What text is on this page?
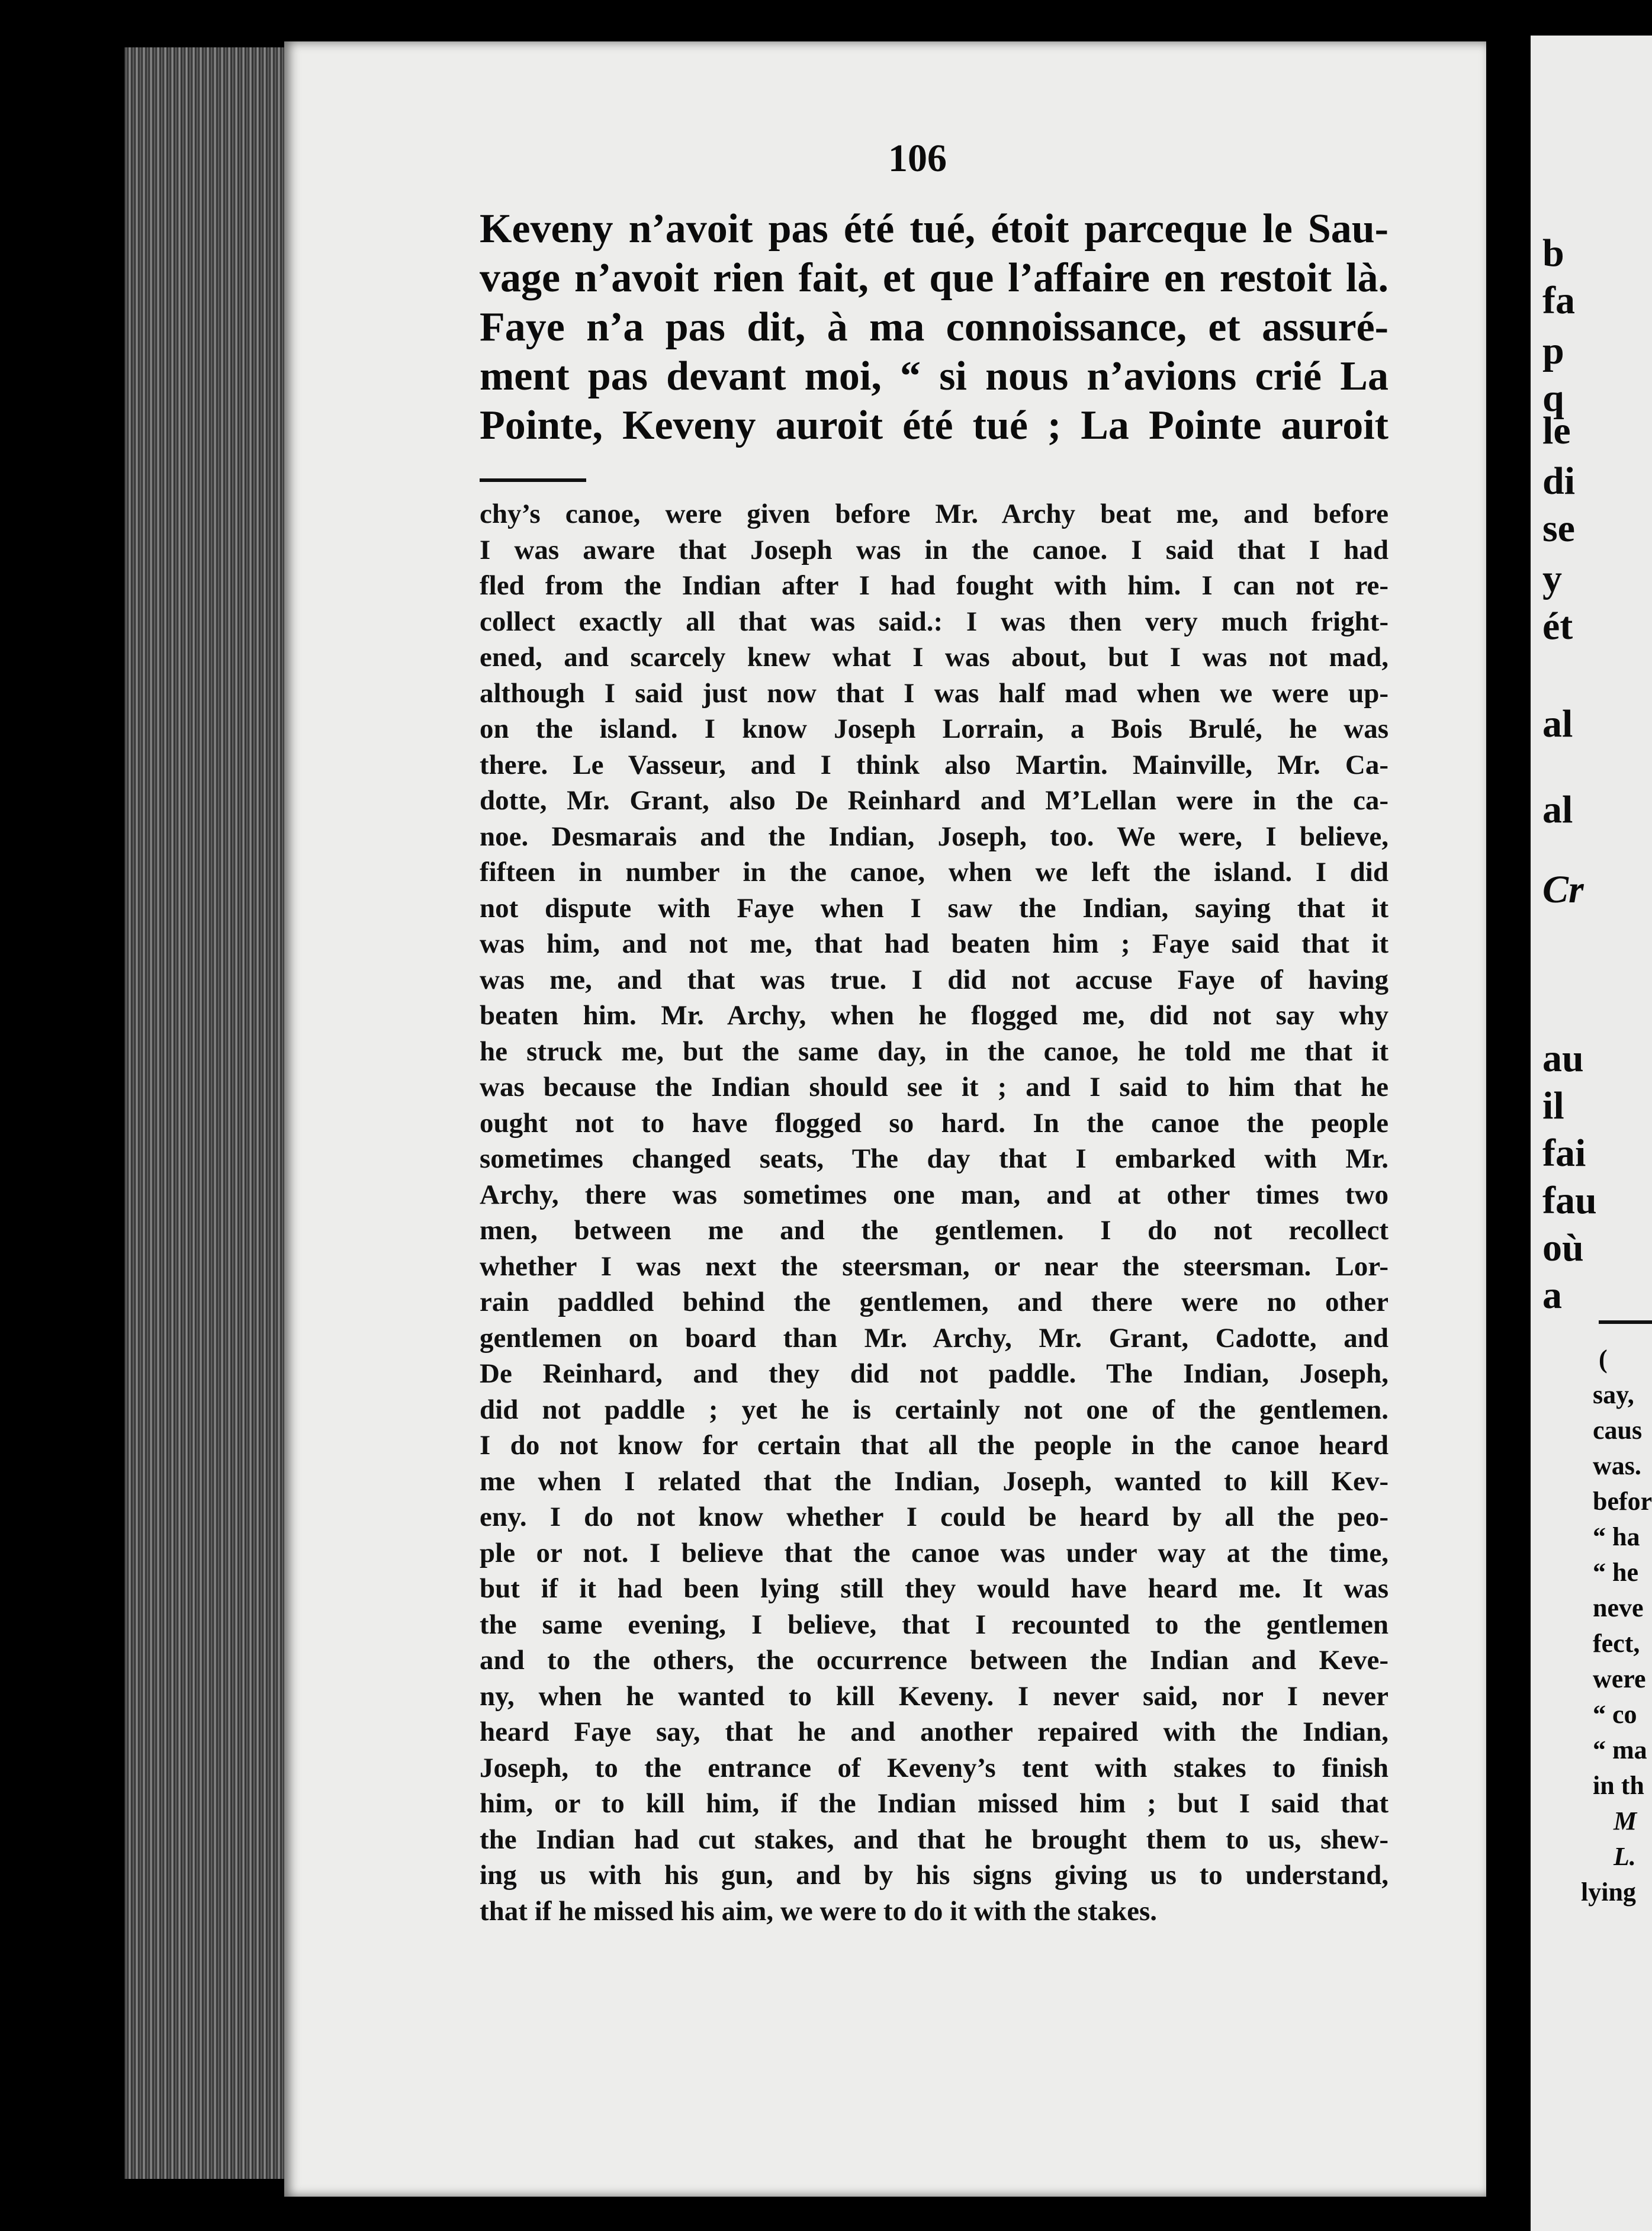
106
Keveny n’avoit pas été tué, étoit parceque le Sau-
vage n’avoit rien fait, et que l’affaire en restoit là.
Faye n’a pas dit, à ma connoissance, et assuré-
ment pas devant moi, “ si nous n’avions crié La
Pointe, Keveny auroit été tué ; La Pointe auroit
chy’s canoe, were given before Mr. Archy beat me, and before
I was aware that Joseph was in the canoe. I said that I had
fled from the Indian after I had fought with him. I can not re-
collect exactly all that was said.: I was then very much fright-
ened, and scarcely knew what I was about, but I was not mad,
although I said just now that I was half mad when we were up-
on the island. I know Joseph Lorrain, a Bois Brulé, he was
there. Le Vasseur, and I think also Martin. Mainville, Mr. Ca-
dotte, Mr. Grant, also De Reinhard and M’Lellan were in the ca-
noe. Desmarais and the Indian, Joseph, too. We were, I believe,
fifteen in number in the canoe, when we left the island. I did
not dispute with Faye when I saw the Indian, saying that it
was him, and not me, that had beaten him ; Faye said that it
was me, and that was true. I did not accuse Faye of having
beaten him. Mr. Archy, when he flogged me, did not say why
he struck me, but the same day, in the canoe, he told me that it
was because the Indian should see it ; and I said to him that he
ought not to have flogged so hard. In the canoe the people
sometimes changed seats, The day that I embarked with Mr.
Archy, there was sometimes one man, and at other times two
men, between me and the gentlemen. I do not recollect
whether I was next the steersman, or near the steersman. Lor-
rain paddled behind the gentlemen, and there were no other
gentlemen on board than Mr. Archy, Mr. Grant, Cadotte, and
De Reinhard, and they did not paddle. The Indian, Joseph,
did not paddle ; yet he is certainly not one of the gentlemen.
I do not know for certain that all the people in the canoe heard
me when I related that the Indian, Joseph, wanted to kill Kev-
eny. I do not know whether I could be heard by all the peo-
ple or not. I believe that the canoe was under way at the time,
but if it had been lying still they would have heard me. It was
the same evening, I believe, that I recounted to the gentlemen
and to the others, the occurrence between the Indian and Keve-
ny, when he wanted to kill Keveny. I never said, nor I never
heard Faye say, that he and another repaired with the Indian,
Joseph, to the entrance of Keveny’s tent with stakes to finish
him, or to kill him, if the Indian missed him ; but I said that
the Indian had cut stakes, and that he brought them to us, shew-
ing us with his gun, and by his signs giving us to understand,
that if he missed his aim, we were to do it with the stakes.
b
fa
p
q
le
di
se
y
ét
al
al
Cr
au
il
fai
fau
où
a
(
say,
caus
was.
befor
“ ha
“ he
neve
fect,
were
“ co
“ ma
in th
M
L.
lying
